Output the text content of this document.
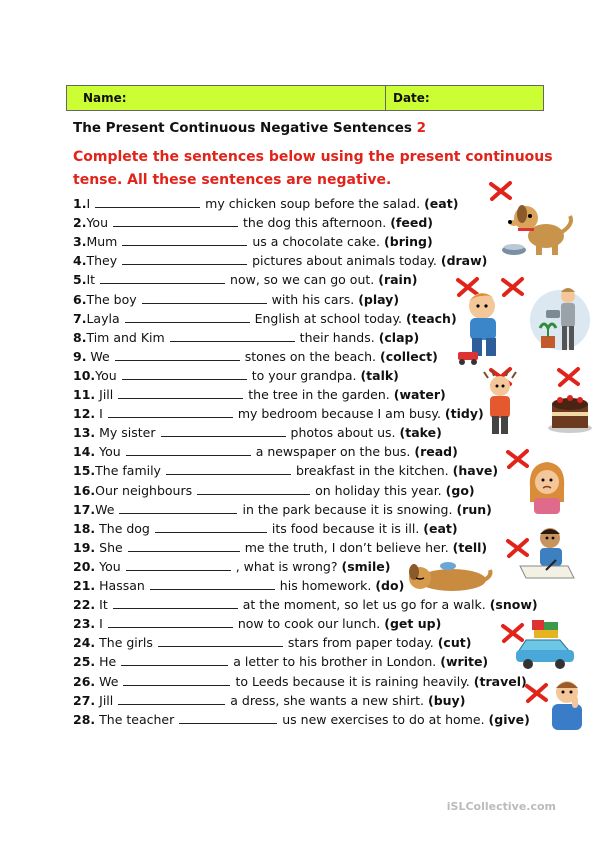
Name:	Date:
The Present Continuous Negative Sentences 2
Complete the sentences below using the present continuous tense. All these sentences are negative.
1.I	my chicken soup before the salad. (eat)
2.You	the dog this afternoon. (feed)
3.Mum	us a chocolate cake. (bring)
4.They	pictures about animals today. (draw)
5.It	now, so we can go out. (rain)
6.The boy	with his cars. (play)
7.Layla	English at school today. (teach)
8.Tim and Kim	their hands. (clap)
9. We	stones on the beach. (collect)
10.You	to your grandpa. (talk)
11. Jill	the tree in the garden. (water)
12. I	my bedroom because I am busy. (tidy)
13. My sister	photos about us. (take)
14. You	a newspaper on the bus. (read)
15.The family	breakfast in the kitchen. (have)
16.Our neighbours	on holiday this year. (go)
17.We	in the park because it is snowing. (run)
18. The dog	its food because it is ill. (eat)
19. She	me the truth, I don’t believe her. (tell)
20. You	, what is wrong? (smile)
21. Hassan	his homework. (do)
22. It	at the moment, so let us go for a walk. (snow)
23. I	now to cook our lunch. (get up)
24. The girls	stars from paper today. (cut)
25. He	a letter to his brother in London. (write)
26. We	to Leeds because it is raining heavily. (travel)
27. Jill	a dress, she wants a new shirt. (buy)
28. The teacher	us new exercises to do at home. (give)
iSLCollective.com
